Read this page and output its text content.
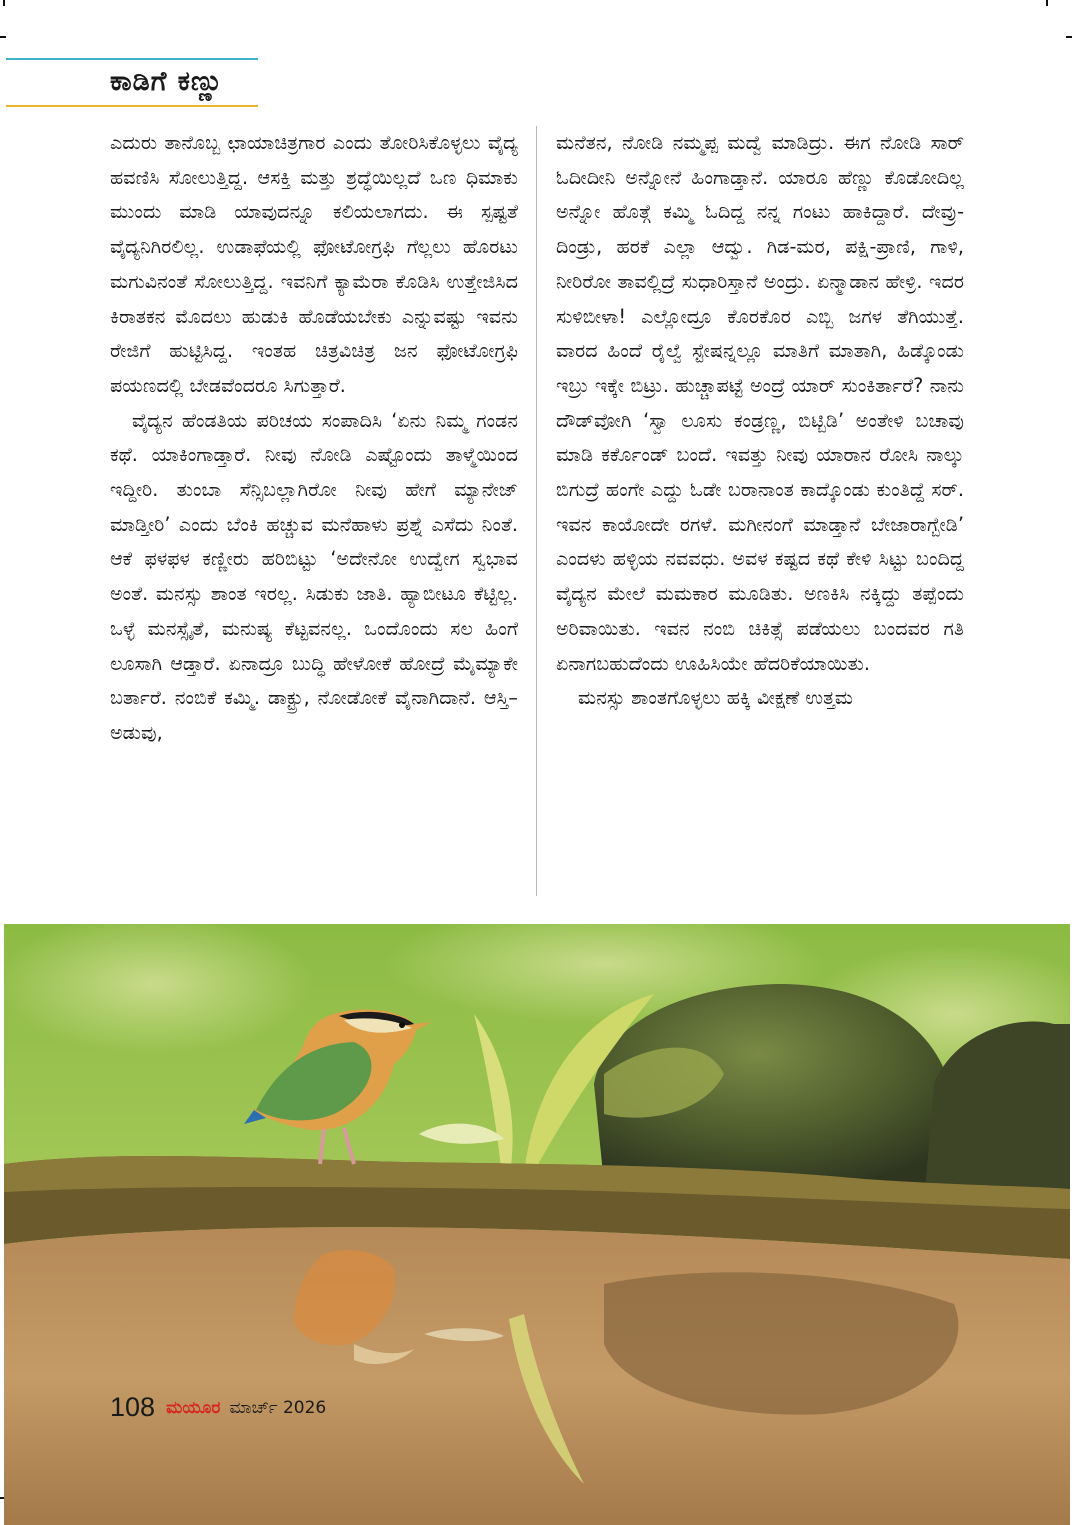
ಕಾಡಿಗೆ ಕಣ್ಣು

ಎದುರು ತಾನೊಬ್ಬ ಛಾಯಾಚಿತ್ರಗಾರ ಎಂದು ತೋರಿಸಿಕೊಳ್ಳಲು ವೈದ್ಯ ಹವಣಿಸಿ ಸೋಲುತ್ತಿದ್ದ. ಆಸಕ್ತಿ ಮತ್ತು ಶ್ರದ್ಧೆಯಿಲ್ಲದೆ ಒಣ ಧಿಮಾಕು ಮುಂದು ಮಾಡಿ ಯಾವುದನ್ನೂ ಕಲಿಯಲಾಗದು. ಈ ಸ್ಪಷ್ಟತೆ ವೈದ್ಯನಿಗಿರಲಿಲ್ಲ. ಉಡಾಫೆಯಲ್ಲಿ ಫೋಟೋಗ್ರಫಿ ಗೆಲ್ಲಲು ಹೊರಟು ಮಗುವಿನಂತೆ ಸೋಲುತ್ತಿದ್ದ. ಇವನಿಗೆ ಕ್ಯಾಮೆರಾ ಕೊಡಿಸಿ ಉತ್ತೇಜಿಸಿದ ಕಿರಾತಕನ ಮೊದಲು ಹುಡುಕಿ ಹೊಡೆಯಬೇಕು ಎನ್ನುವಷ್ಟು ಇವನು ರೇಜಿಗೆ ಹುಟ್ಟಿಸಿದ್ದ. ಇಂತಹ ಚಿತ್ರವಿಚಿತ್ರ ಜನ ಫೋಟೋಗ್ರಫಿ ಪಯಣದಲ್ಲಿ ಬೇಡವೆಂದರೂ ಸಿಗುತ್ತಾರೆ.

ವೈದ್ಯನ ಹೆಂಡತಿಯ ಪರಿಚಯ ಸಂಪಾದಿಸಿ ‘ಏನು ನಿಮ್ಮ ಗಂಡನ ಕಥೆ. ಯಾಕಿಂಗಾಡ್ತಾರೆ. ನೀವು ನೋಡಿ ಎಷ್ಟೊಂದು ತಾಳ್ಮೆಯಿಂದ ಇದ್ದೀರಿ. ತುಂಬಾ ಸೆನ್ಸಿಬಲ್ಲಾಗಿರೋ ನೀವು ಹೇಗೆ ಮ್ಯಾನೇಜ್ ಮಾಡ್ತೀರಿ’ ಎಂದು ಬೆಂಕಿ ಹಚ್ಚುವ ಮನೆಹಾಳು ಪ್ರಶ್ನೆ ಎಸೆದು ನಿಂತೆ. ಆಕೆ ಫಳಫಳ ಕಣ್ಣೀರು ಹರಿಬಿಟ್ಟು ‘ಅದೇನೋ ಉದ್ವೇಗ ಸ್ವಭಾವ ಅಂತೆ. ಮನಸ್ಸು ಶಾಂತ ಇರಲ್ಲ. ಸಿಡುಕು ಜಾತಿ. ಹ್ಯಾಬೀಟೂ ಕೆಟ್ಟಿಲ್ಲ. ಒಳ್ಳೆ ಮನಸ್ಸೈತೆ, ಮನುಷ್ಯ ಕೆಟ್ಟವನಲ್ಲ. ಒಂದೊಂದು ಸಲ ಹಿಂಗೆ ಲೂಸಾಗಿ ಆಡ್ತಾರೆ. ಏನಾದ್ರೂ ಬುದ್ಧಿ ಹೇಳೋಕೆ ಹೋದ್ರೆ ಮೈಮ್ಯಾಕೇ ಬರ್ತಾರೆ. ನಂಬಿಕೆ ಕಮ್ಮಿ. ಡಾಕ್ಟ್ರು, ನೋಡೋಕೆ ವೈನಾಗಿದಾನೆ. ಆಸ್ತಿ–ಅಡುವು,

ಮನೆತನ, ನೋಡಿ ನಮ್ಮಪ್ಪ ಮದ್ವೆ ಮಾಡಿದ್ರು. ಈಗ ನೋಡಿ ಸಾರ್ ಓದೀದೀನಿ ಅನ್ನೋನೆ ಹಿಂಗಾಡ್ತಾನೆ. ಯಾರೂ ಹೆಣ್ಣು ಕೊಡೋದಿಲ್ಲ ಅನ್ನೋ ಹೊತ್ಗೆ ಕಮ್ಮಿ ಓದಿದ್ದ ನನ್ನ ಗಂಟು ಹಾಕಿದ್ದಾರೆ. ದೇವ್ರು- ದಿಂಡ್ರು, ಹರಕೆ ಎಲ್ಲಾ ಆದ್ವು. ಗಿಡ-ಮರ, ಪಕ್ಷಿ-ಪ್ರಾಣಿ, ಗಾಳಿ, ನೀರಿರೋ ತಾವಲ್ಲಿದ್ರೆ ಸುಧಾರಿಸ್ತಾನೆ ಅಂದ್ರು. ಏನ್ಮಾಡಾನ ಹೇಳ್ರಿ. ಇದರ ಸುಳಿಬೀಳಾ! ಎಲ್ಲೋದ್ರೂ ಕೊರಕೊರ ಎಬ್ಬಿ ಜಗಳ ತೆಗಿಯುತ್ತೆ. ವಾರದ ಹಿಂದೆ ರೈಲ್ವೆ ಸ್ಟೇಷನ್ನಲ್ಲೂ ಮಾತಿಗೆ ಮಾತಾಗಿ, ಹಿಡ್ಕೊಂಡು ಇಬ್ರು ಇಕ್ಕೇ ಬಿಟ್ರು. ಹುಚ್ಚಾಪಟ್ಟೆ ಅಂದ್ರೆ ಯಾರ್ ಸುಂಕಿರ್ತಾರೆ? ನಾನು ದೌಡ್‌ವೋಗಿ ‘ಸ್ವಾ ಲೂಸು ಕಂಡ್ರಣ್ಣ, ಬಿಟ್ಬಿಡಿ’ ಅಂತೇಳಿ ಬಚಾವು ಮಾಡಿ ಕರ್ಕೊಂಡ್ ಬಂದೆ. ಇವತ್ತು ನೀವು ಯಾರಾನ ರೋಸಿ ನಾಲ್ಕು ಬಿಗುದ್ರೆ ಹಂಗೇ ಎದ್ದು ಓಡೇ ಬರಾನಾಂತ ಕಾದ್ಕೊಂಡು ಕುಂತಿದ್ದೆ ಸರ್. ಇವನ ಕಾಯೋದೇ ರಗಳೆ. ಮಗೀನಂಗೆ ಮಾಡ್ತಾನೆ ಬೇಜಾರಾಗ್ಬೇಡಿ’ ಎಂದಳು ಹಳ್ಳಿಯ ನವವಧು. ಅವಳ ಕಷ್ಟದ ಕಥೆ ಕೇಳಿ ಸಿಟ್ಟು ಬಂದಿದ್ದ ವೈದ್ಯನ ಮೇಲೆ ಮಮಕಾರ ಮೂಡಿತು. ಅಣಕಿಸಿ ನಕ್ಕಿದ್ದು ತಪ್ಪೆಂದು ಅರಿವಾಯಿತು. ಇವನ ನಂಬಿ ಚಿಕಿತ್ಸೆ ಪಡೆಯಲು ಬಂದವರ ಗತಿ ಏನಾಗಬಹುದೆಂದು ಊಹಿಸಿಯೇ ಹೆದರಿಕೆಯಾಯಿತು.

ಮನಸ್ಸು ಶಾಂತಗೊಳ್ಳಲು ಹಕ್ಕಿ ವೀಕ್ಷಣೆ ಉತ್ತಮ

108 ಮಯೂರ ಮಾರ್ಚ್ 2026
